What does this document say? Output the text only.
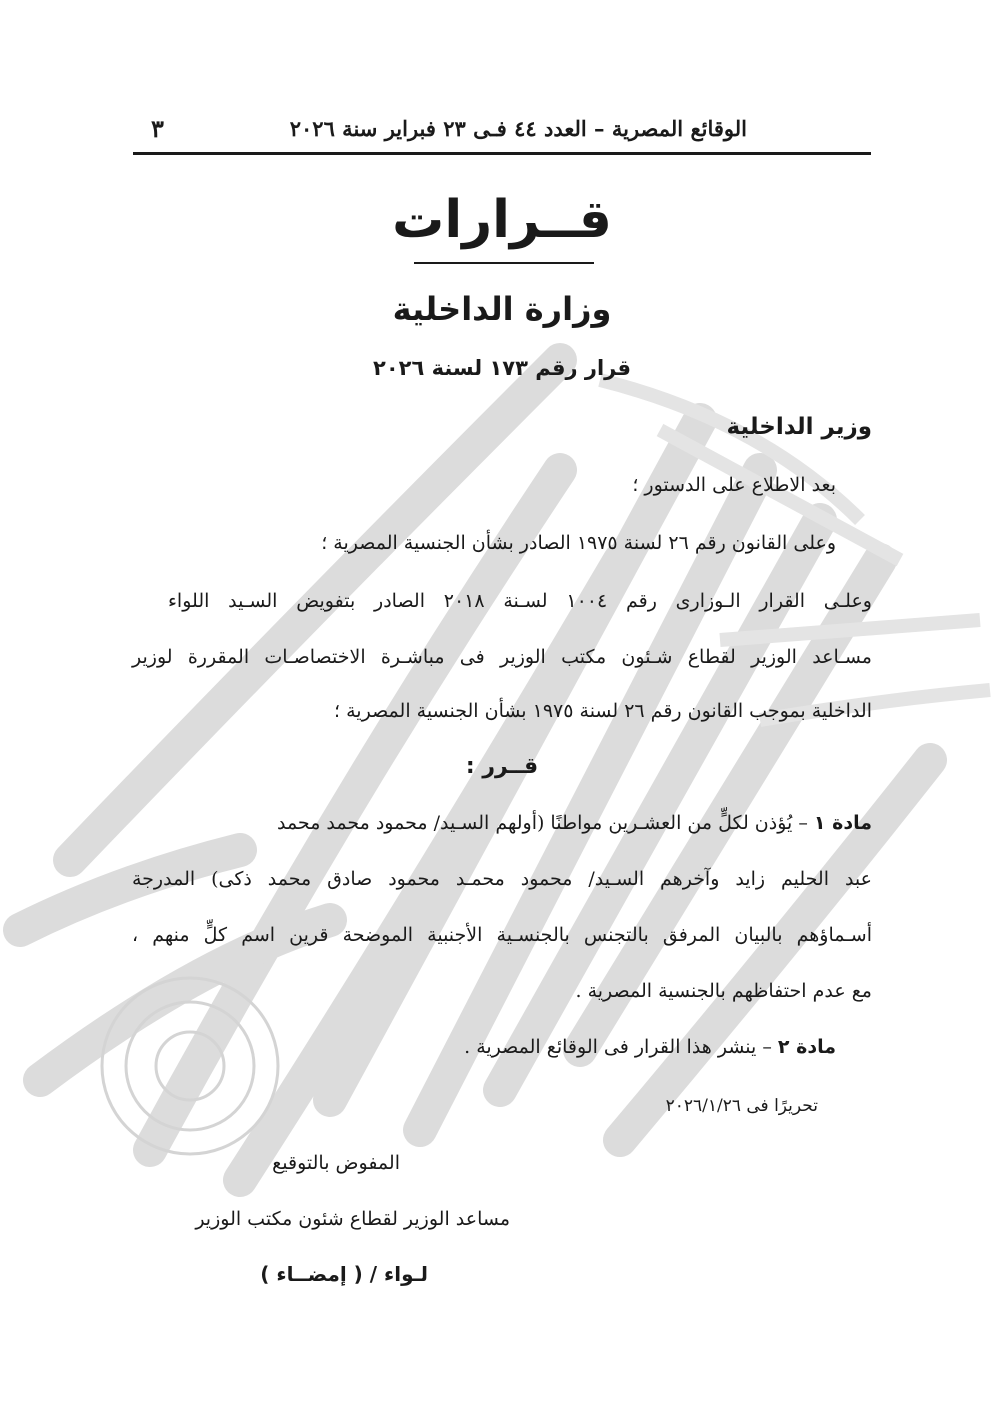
الوقائع المصرية – العدد ٤٤ فـى ٢٣ فبراير سنة ٢٠٢٦
٣
قــرارات
وزارة الداخلية
قرار رقم ١٧٣ لسنة ٢٠٢٦
وزير الداخلية
بعد الاطلاع على الدستور ؛
وعلى القانون رقم ٢٦ لسنة ١٩٧٥ الصادر بشأن الجنسية المصرية ؛
وعلـى القرار الـوزارى رقم ١٠٠٤ لسـنة ٢٠١٨ الصادر بتفويض السـيد اللواء
مسـاعد الوزير لقطاع شـئون مكتب الوزير فى مباشـرة الاختصاصـات المقررة لوزير
الداخلية بموجب القانون رقم ٢٦ لسنة ١٩٧٥ بشأن الجنسية المصرية ؛
قــرر :
مادة ١ – يُؤذن لكلٍّ من العشـرين مواطنًا (أولهم السـيد/ محمود محمد محمد
عبد الحليم زايد وآخرهم السـيد/ محمود محمـد محمود صادق محمد ذكى) المدرجة
أسـماؤهم بالبيان المرفق بالتجنس بالجنسـية الأجنبية الموضحة قرين اسم كلٍّ منهم ،
مع عدم احتفاظهم بالجنسية المصرية .
مادة ٢ – ينشر هذا القرار فى الوقائع المصرية .
تحريرًا فى ٢٠٢٦/١/٢٦
المفوض بالتوقيع
مساعد الوزير لقطاع شئون مكتب الوزير
لـواء / ( إمضــاء )
